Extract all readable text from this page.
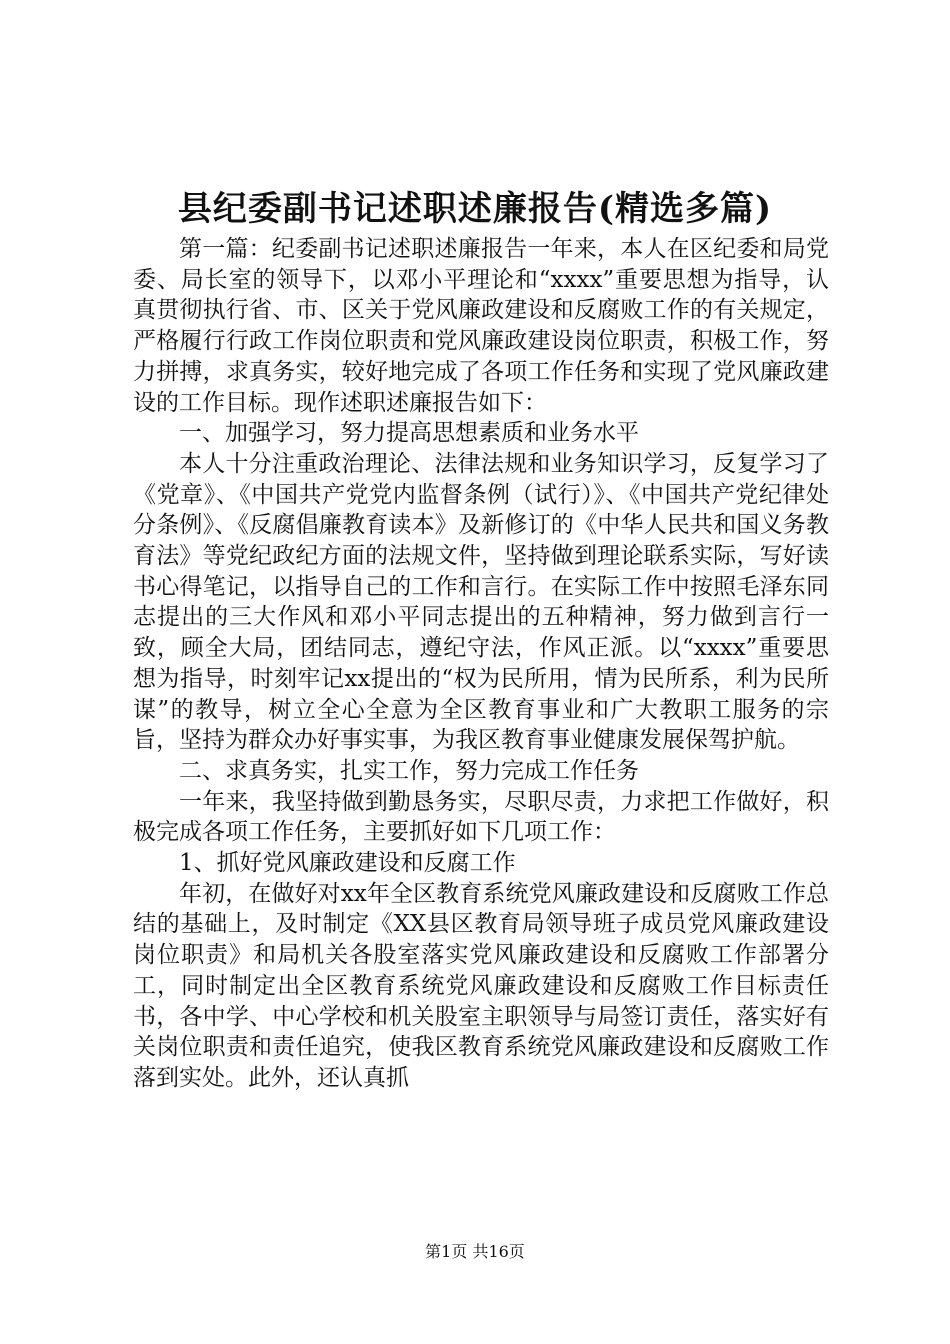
县纪委副书记述职述廉报告(精选多篇)

第一篇：纪委副书记述职述廉报告一年来，本人在区纪委和局党委、局长室的领导下，以邓小平理论和“xxxx”重要思想为指导，认真贯彻执行省、市、区关于党风廉政建设和反腐败工作的有关规定，严格履行行政工作岗位职责和党风廉政建设岗位职责，积极工作，努力拼搏，求真务实，较好地完成了各项工作任务和实现了党风廉政建设的工作目标。现作述职述廉报告如下：

一、加强学习，努力提高思想素质和业务水平

本人十分注重政治理论、法律法规和业务知识学习，反复学习了《党章》、《中国共产党党内监督条例（试行）》、《中国共产党纪律处分条例》、《反腐倡廉教育读本》及新修订的《中华人民共和国义务教育法》等党纪政纪方面的法规文件，坚持做到理论联系实际，写好读书心得笔记，以指导自己的工作和言行。在实际工作中按照毛泽东同志提出的三大作风和邓小平同志提出的五种精神，努力做到言行一致，顾全大局，团结同志，遵纪守法，作风正派。以“xxxx”重要思想为指导，时刻牢记xx提出的“权为民所用，情为民所系，利为民所谋”的教导，树立全心全意为全区教育事业和广大教职工服务的宗旨，坚持为群众办好事实事，为我区教育事业健康发展保驾护航。

二、求真务实，扎实工作，努力完成工作任务

一年来，我坚持做到勤恳务实，尽职尽责，力求把工作做好，积极完成各项工作任务，主要抓好如下几项工作：

1、抓好党风廉政建设和反腐工作

年初，在做好对xx年全区教育系统党风廉政建设和反腐败工作总结的基础上，及时制定《XX县区教育局领导班子成员党风廉政建设岗位职责》和局机关各股室落实党风廉政建设和反腐败工作部署分工，同时制定出全区教育系统党风廉政建设和反腐败工作目标责任书，各中学、中心学校和机关股室主职领导与局签订责任，落实好有关岗位职责和责任追究，使我区教育系统党风廉政建设和反腐败工作落到实处。此外，还认真抓

第1页 共16页
